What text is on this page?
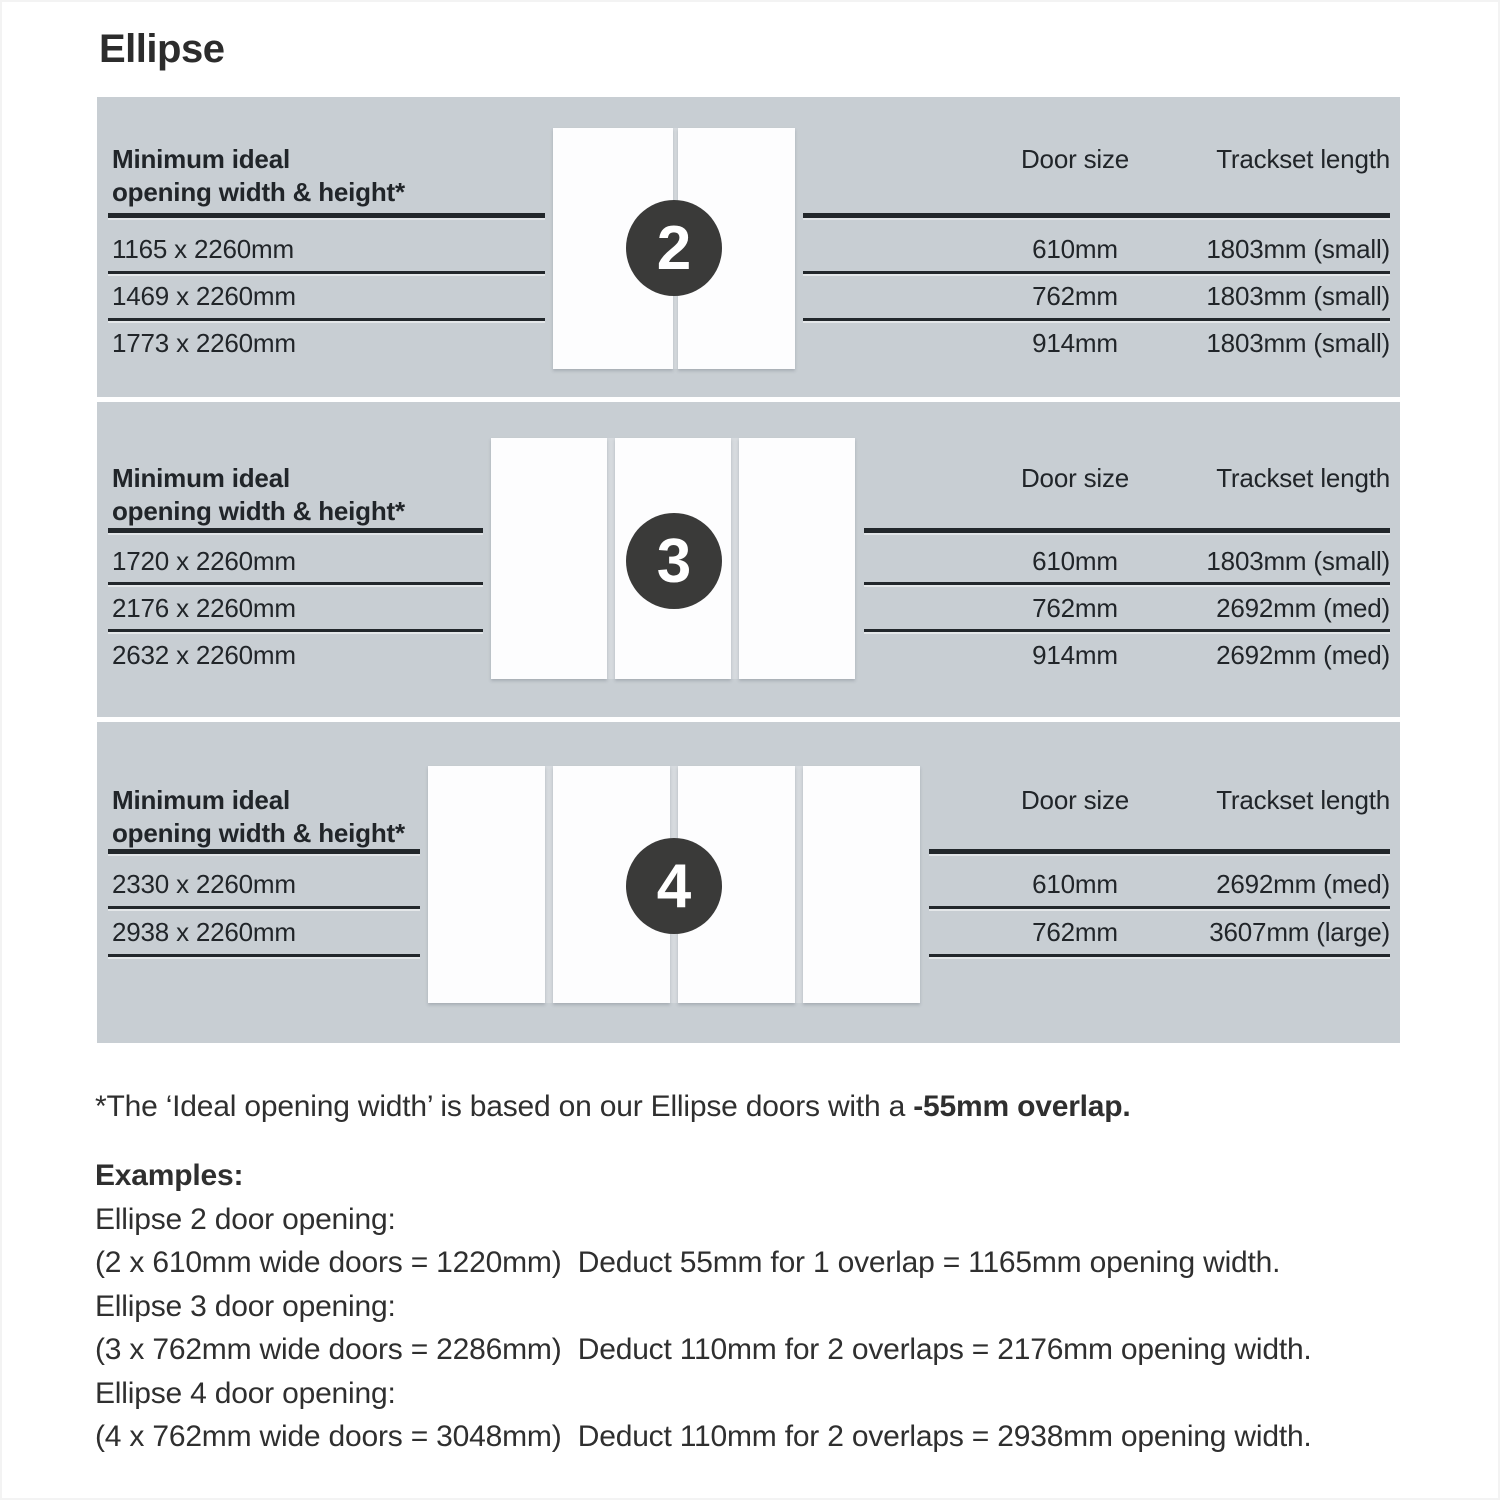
Ellipse
Minimum ideal
opening width & height*
Door size	Trackset length
1165 x 2260mm	610mm	1803mm (small)
1469 x 2260mm	762mm	1803mm (small)
1773 x 2260mm	914mm	1803mm (small)
2
Minimum ideal
opening width & height*
Door size	Trackset length
1720 x 2260mm	610mm	1803mm (small)
2176 x 2260mm	762mm	2692mm (med)
2632 x 2260mm	914mm	2692mm (med)
3
Minimum ideal
opening width & height*
Door size	Trackset length
2330 x 2260mm	610mm	2692mm (med)
2938 x 2260mm	762mm	3607mm (large)
4
*The ‘Ideal opening width’ is based on our Ellipse doors with a -55mm overlap.
Examples:
Ellipse 2 door opening:
(2 x 610mm wide doors = 1220mm)  Deduct 55mm for 1 overlap = 1165mm opening width.
Ellipse 3 door opening:
(3 x 762mm wide doors = 2286mm)  Deduct 110mm for 2 overlaps = 2176mm opening width.
Ellipse 4 door opening:
(4 x 762mm wide doors = 3048mm)  Deduct 110mm for 2 overlaps = 2938mm opening width.
